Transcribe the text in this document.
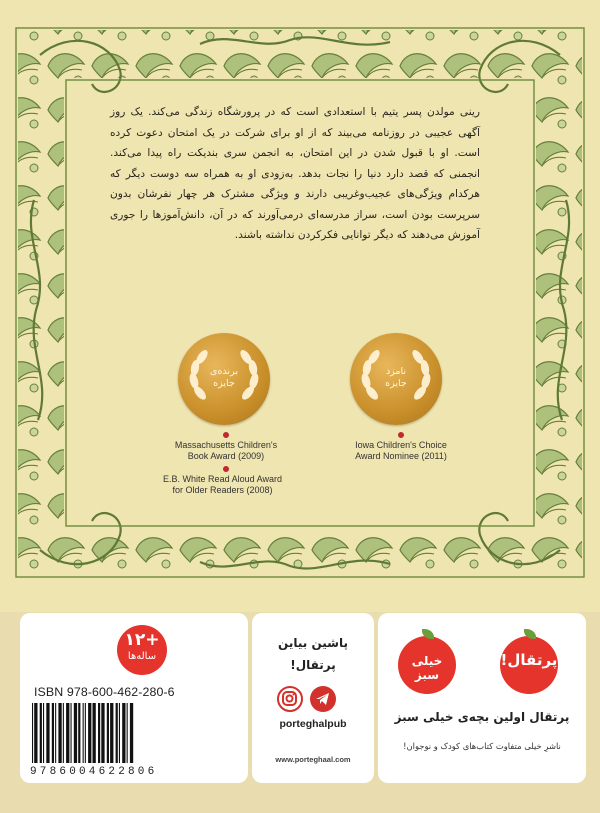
رینی مولدن پسر یتیم با استعدادی است که در پرورشگاه زندگی می‌کند. یک روز آگهی عجیبی در روزنامه می‌بیند که از او برای شرکت در یک امتحان دعوت کرده است. او با قبول شدن در این امتحان، به انجمن سری بندیکت راه پیدا می‌کند. انجمنی که قصد دارد دنیا را نجات بدهد. به‌زودی او به همراه سه دوست دیگر که هرکدام ویژگی‌های عجیب‌وغریبی دارند و ویژگی مشترک هر چهار نفرشان بدون سرپرست بودن است، سراز مدرسه‌ای درمی‌آورند که در آن، دانش‌آموزها را جوری آموزش می‌دهند که دیگر توانایی فکرکردن نداشته باشند.
برنده‌ی
جایزه
نامزد
جایزه
Massachusetts Children's
Book Award (2009)
E.B. White Read Aloud Award
for Older Readers (2008)
Iowa Children's Choice
Award Nominee (2011)
+۱۲
ساله‌ها
ISBN 978-600-462-280-6
9786004622806
پاشین بیاین
پرتقال!
porteghalpub
www.porteghaal.com
خیلی سبز
پرتقال!
پرتقال اولین بچه‌ی خیلی سبز
ناشرِ خیلی متفاوت کتاب‌های کودک و نوجوان!
